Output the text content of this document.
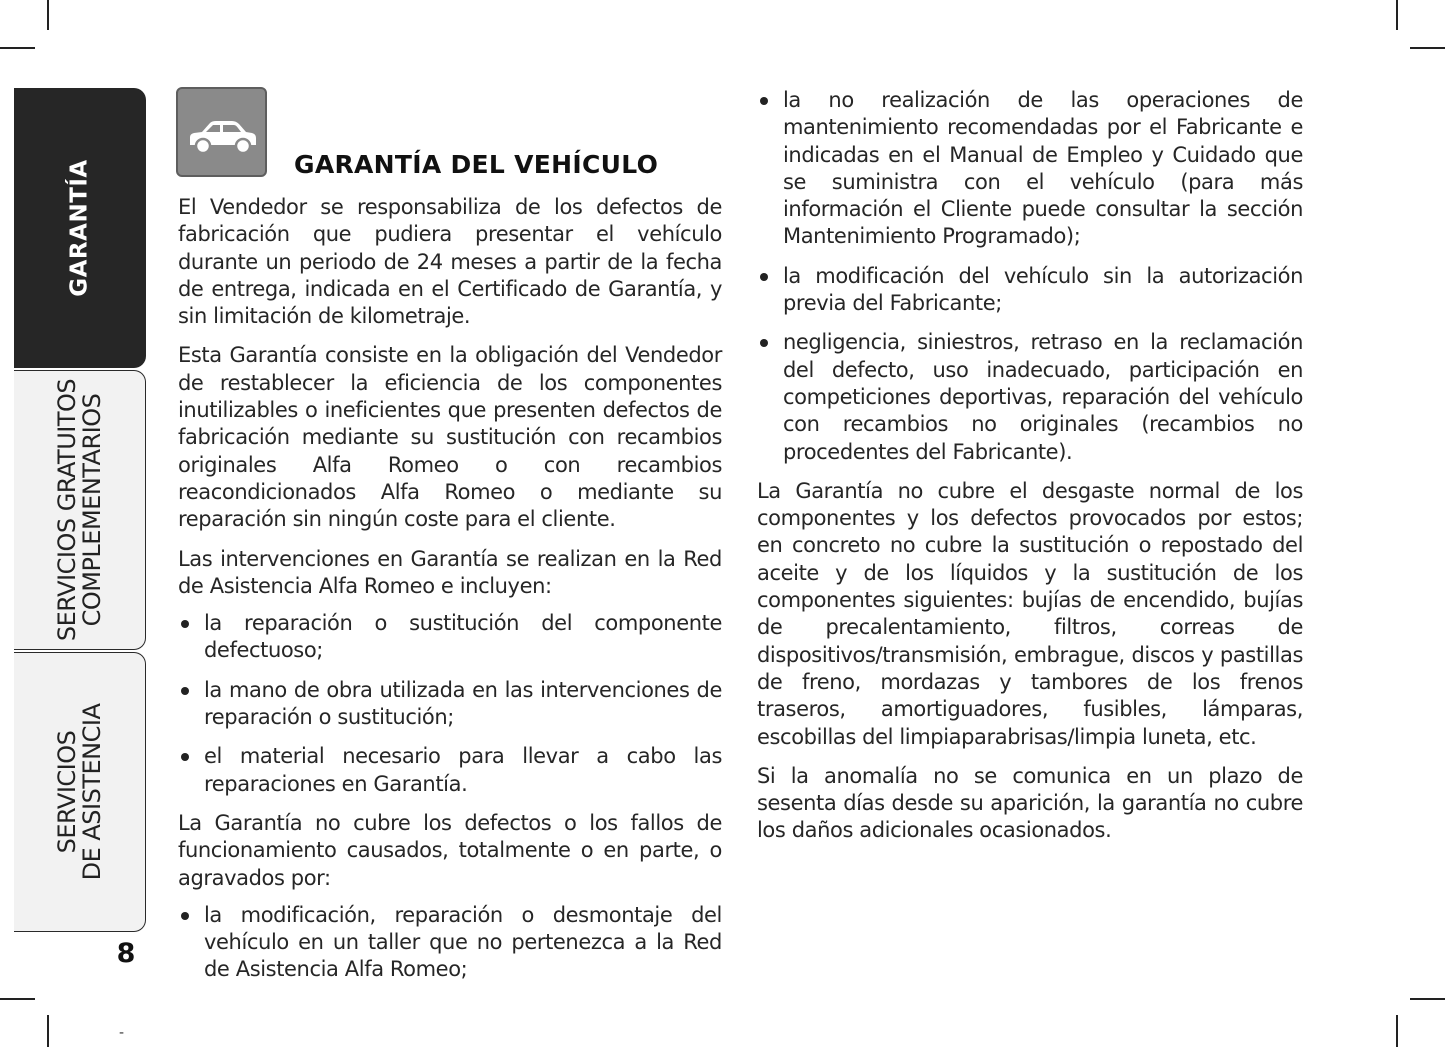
GARANTÍA
SERVICIOS GRATUITOS
COMPLEMENTARIOS
SERVICIOS
DE ASISTENCIA
8
-
GARANTÍA DEL VEHÍCULO

El Vendedor se responsabiliza de los defectos de fabricación que pudiera presentar el vehículo durante un periodo de 24 meses a partir de la fecha de entrega, indicada en el Certificado de Garantía, y sin limitación de kilometraje.

Esta Garantía consiste en la obligación del Vendedor de restablecer la eficiencia de los componentes inutilizables o ineficientes que presenten defectos de fabricación mediante su sustitución con recambios originales Alfa Romeo o con recambios reacondicionados Alfa Romeo o mediante su reparación sin ningún coste para el cliente.

Las intervenciones en Garantía se realizan en la Red de Asistencia Alfa Romeo e incluyen:

la reparación o sustitución del componente defectuoso;
la mano de obra utilizada en las intervenciones de reparación o sustitución;
el material necesario para llevar a cabo las reparaciones en Garantía.

La Garantía no cubre los defectos o los fallos de funcionamiento causados, totalmente o en parte, o agravados por:

la modificación, reparación o desmontaje del vehículo en un taller que no pertenezca a la Red de Asistencia Alfa Romeo;
la no realización de las operaciones de mantenimiento recomendadas por el Fabricante e indicadas en el Manual de Empleo y Cuidado que se suministra con el vehículo (para más información el Cliente puede consultar la sección Mantenimiento Programado);
la modificación del vehículo sin la autorización previa del Fabricante;
negligencia, siniestros, retraso en la reclamación del defecto, uso inadecuado, participación en competiciones deportivas, reparación del vehículo con recambios no originales (recambios no procedentes del Fabricante).

La Garantía no cubre el desgaste normal de los componentes y los defectos provocados por estos; en concreto no cubre la sustitución o repostado del aceite y de los líquidos y la sustitución de los componentes siguientes: bujías de encendido, bujías de precalentamiento, filtros, correas de dispositivos/transmisión, embrague, discos y pastillas de freno, mordazas y tambores de los frenos traseros, amortiguadores, fusibles, lámparas, escobillas del limpiaparabrisas/limpia luneta, etc.

Si la anomalía no se comunica en un plazo de sesenta días desde su aparición, la garantía no cubre los daños adicionales ocasionados.
